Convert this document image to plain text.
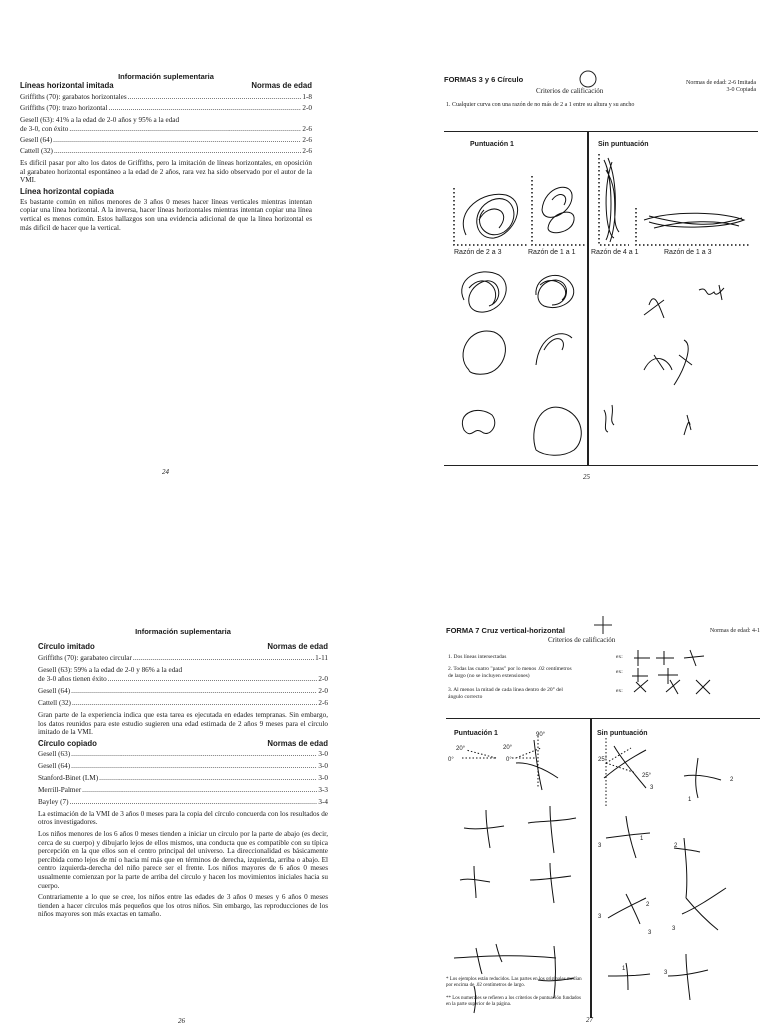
Información suplementaria
Líneas horizontal imitada	Normas de edad
Griffiths (70): garabatos horizontales .....	1-8
Griffiths (70): trazo horizontal .....	2-0
Gesell (63): 41% a la edad de 2-0 años y 95% a la edad
de 3-0, con éxito .....	2-6
Gesell (64) .....	2-6
Cattell (32) .....	2-6
Es difícil pasar por alto los datos de Griffiths, pero la imitación de líneas horizontales, en oposición al garabateo horizontal espontáneo a la edad de 2 años, rara vez ha sido observado por el autor de la VMI.
Línea horizontal copiada
Es bastante común en niños menores de 3 años 0 meses hacer líneas verticales mientras intentan copiar una línea horizontal. A la inversa, hacer líneas horizontales mientras intentan copiar una línea vertical es menos común. Estos hallazgos son una evidencia adicional de que la línea horizontal es más difícil de hacer que la vertical.
24
FORMAS 3 y 6 Círculo	Normas de edad: 2-6 Imitada
3-0 Copiada
Criterios de calificación
1. Cualquier curva con una razón de no más de 2 a 1 entre su altura y su ancho
Puntuación 1	Sin puntuación
Razón de 2 a 3	Razón de 1 a 1 Razón de 4 a 1	Razón de 1 a 3
25
Información suplementaria
Círculo imitado	Normas de edad
Griffiths (70): garabateo circular .....	1-11
Gesell (63): 59% a la edad de 2-0 y 86% a la edad
de 3-0 años tienen éxito .....	2-0
Gesell (64) .....	2-0
Cattell (32) .....	2-6
Gran parte de la experiencia indica que esta tarea es ejecutada en edades tempranas. Sin embargo, los datos reunidos para este estudio sugieren una edad estimada de 2 años 9 meses para el círculo imitado de la VMI.
Círculo copiado	Normas de edad
Gesell (63) .....	3-0
Gesell (64) .....	3-0
Stanford-Binet (LM) .....	3-0
Merrill-Palmer .....	3-3
Bayley (7) .....	3-4
La estimación de la VMI de 3 años 0 meses para la copia del círculo concuerda con los resultados de otros investigadores.
Los niños menores de los 6 años 0 meses tienden a iniciar un círculo por la parte de abajo (es decir, cerca de su cuerpo) y dibujarlo lejos de ellos mismos, una conducta que es compatible con su típica percepción en la que ellos son el centro principal del universo. La direccionalidad es básicamente percibida como lejos de mí o hacia mí más que en términos de derecha, izquierda, arriba o abajo. El centro izquierda-derecha del niño parece ser el frente. Los niños mayores de 6 años 0 meses usualmente comienzan por la parte de arriba del círculo y hacen los movimientos iniciales hacia su cuerpo.
Contrariamente a lo que se cree, los niños entre las edades de 3 años 0 meses y 6 años 0 meses tienden a hacer círculos más pequeños que los otros niños. Sin embargo, las reproducciones de los niños mayores son más exactas en tamaño.
26
FORMA 7 Cruz vertical-horizontal	Normas de edad: 4-1
Criterios de calificación
1. Dos líneas intersectadas
2. Todas las cuatro "patas" por lo menos .02 centímetros de largo (no se incluyen extensiones)
3. Al menos la mitad de cada línea dentro de 20° del ángulo correcto
ex:
ex:
ex:
Puntuación 1	Sin puntuación
90°
20°	20°
0°	0°	25°
25°
2
3
1
3
1
2
3
2
3
3
1
3
* Los ejemplos están reducidos. Las partes en los originales medían por encima de .02 centímetros de largo.
** Los numerales se refieren a los criterios de puntuación fundados en la parte superior de la página.
27
